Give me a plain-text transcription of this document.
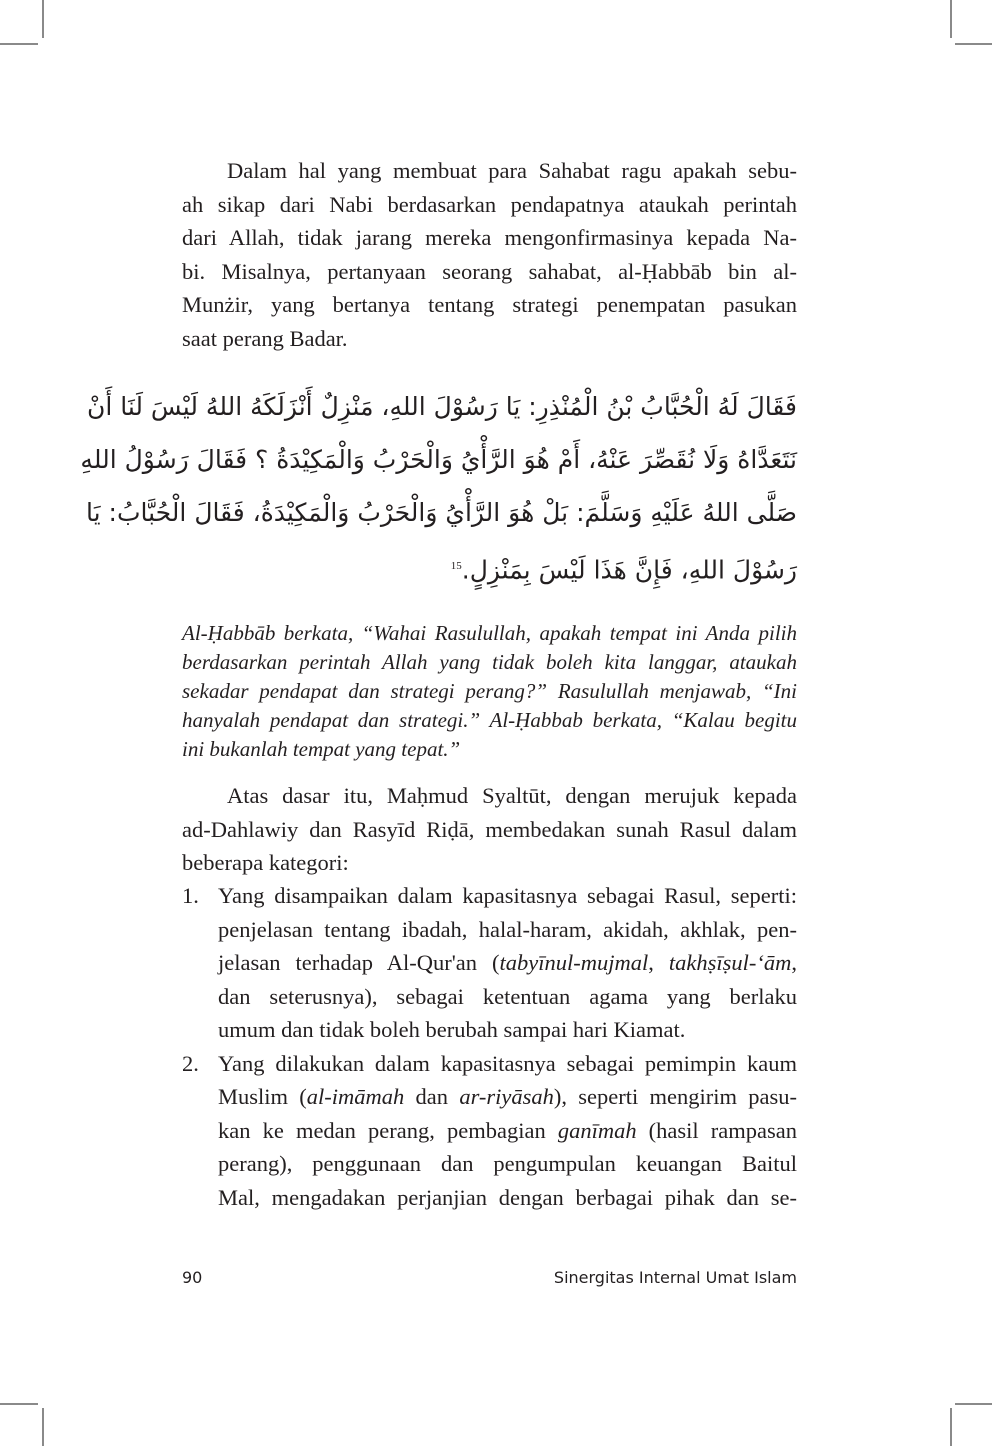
Dalam hal yang membuat para Sahabat ragu apakah sebu-
ah sikap dari Nabi berdasarkan pendapatnya ataukah perintah
dari Allah, tidak jarang mereka mengonfirmasinya kepada Na-
bi. Misalnya, pertanyaan seorang sahabat, al-Ḥabbāb bin al-
Munżir, yang bertanya tentang strategi penempatan pasukan
saat perang Badar.
فَقَالَ لَهُ الْحُبَّابُ بْنُ الْمُنْذِرِ: يَا رَسُوْلَ اللهِ، مَنْزِلٌ أَنْزَلَكَهُ اللهُ لَيْسَ لَنَا أَنْ
نَتَعَدَّاهُ وَلَا نُقَصِّرَ عَنْهُ، أَمْ هُوَ الرَّأْيُ وَالْحَرْبُ وَالْمَكِيْدَةُ ؟ فَقَالَ رَسُوْلُ اللهِ
صَلَّى اللهُ عَلَيْهِ وَسَلَّمَ: بَلْ هُوَ الرَّأْيُ وَالْحَرْبُ وَالْمَكِيْدَةُ، فَقَالَ الْحُبَّابُ: يَا
رَسُوْلَ اللهِ، فَإِنَّ هَذَا لَيْسَ بِمَنْزِلٍ.$^{15}$
Al-Ḥabbāb berkata, “Wahai Rasulullah, apakah tempat ini Anda pilih
berdasarkan perintah Allah yang tidak boleh kita langgar, ataukah
sekadar pendapat dan strategi perang?” Rasulullah menjawab, “Ini
hanyalah pendapat dan strategi.” Al-Ḥabbab berkata, “Kalau begitu
ini bukanlah tempat yang tepat.”
Atas dasar itu, Maḥmud Syaltūt, dengan merujuk kepada
ad-Dahlawiy dan Rasyīd Riḍā, membedakan sunah Rasul dalam
beberapa kategori:
1. Yang disampaikan dalam kapasitasnya sebagai Rasul, seperti:
penjelasan tentang ibadah, halal-haram, akidah, akhlak, pen-
jelasan terhadap Al-Qur'an (tabyīnul-mujmal, takhṣīṣul-‘ām,
dan seterusnya), sebagai ketentuan agama yang berlaku
umum dan tidak boleh berubah sampai hari Kiamat.
2. Yang dilakukan dalam kapasitasnya sebagai pemimpin kaum
Muslim (al-imāmah dan ar-riyāsah), seperti mengirim pasu-
kan ke medan perang, pembagian ganīmah (hasil rampasan
perang), penggunaan dan pengumpulan keuangan Baitul
Mal, mengadakan perjanjian dengan berbagai pihak dan se-
90	Sinergitas Internal Umat Islam
